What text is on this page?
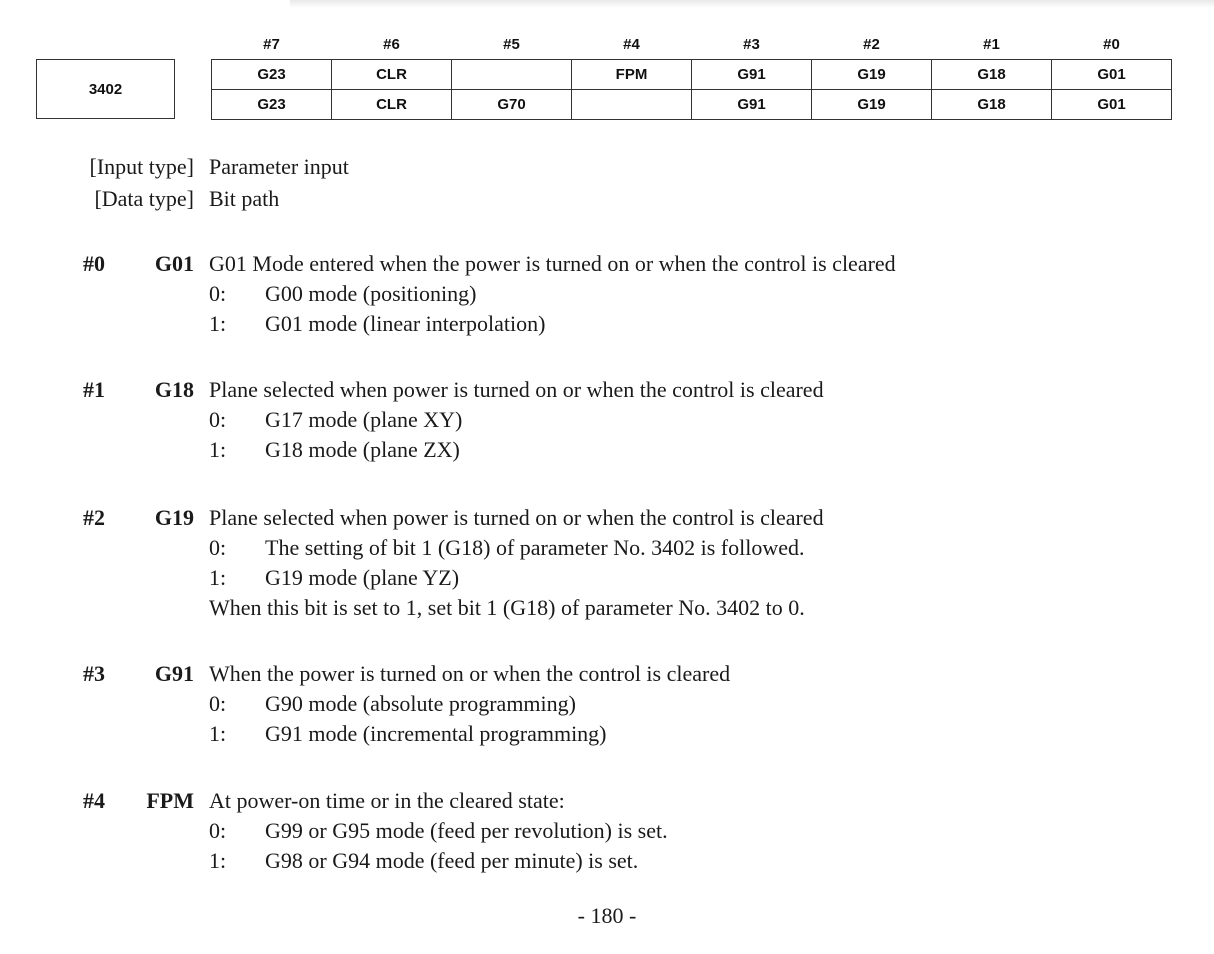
3402
#7	#6	#5	#4	#3	#2	#1	#0
G23	CLR		FPM	G91	G19	G18	G01
G23	CLR	G70		G91	G19	G18	G01
[Input type] Parameter input
[Data type] Bit path
#0 G01 G01 Mode entered when the power is turned on or when the control is cleared
0: G00 mode (positioning)
1: G01 mode (linear interpolation)
#1 G18 Plane selected when power is turned on or when the control is cleared
0: G17 mode (plane XY)
1: G18 mode (plane ZX)
#2 G19 Plane selected when power is turned on or when the control is cleared
0: The setting of bit 1 (G18) of parameter No. 3402 is followed.
1: G19 mode (plane YZ)
When this bit is set to 1, set bit 1 (G18) of parameter No. 3402 to 0.
#3 G91 When the power is turned on or when the control is cleared
0: G90 mode (absolute programming)
1: G91 mode (incremental programming)
#4 FPM At power-on time or in the cleared state:
0: G99 or G95 mode (feed per revolution) is set.
1: G98 or G94 mode (feed per minute) is set.
- 180 -
